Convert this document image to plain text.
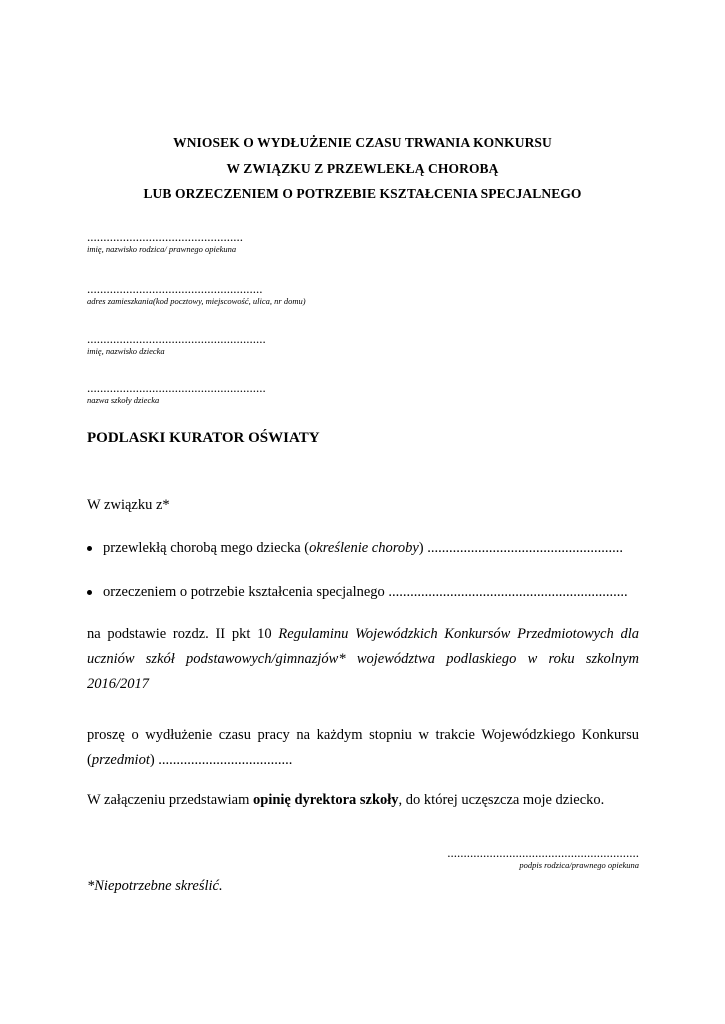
WNIOSEK O WYDŁUŻENIE CZASU TRWANIA KONKURSU
W ZWIĄZKU Z PRZEWLEKŁĄ CHOROBĄ
LUB ORZECZENIEM O POTRZEBIE KSZTAŁCENIA SPECJALNEGO
................................................
imię, nazwisko rodzica/ prawnego opiekuna
......................................................
adres zamieszkania(kod pocztowy, miejscowość, ulica, nr domu)
.......................................................
imię, nazwisko dziecka
.......................................................
nazwa szkoły dziecka
PODLASKI KURATOR OŚWIATY
W związku z*
przewlekłą chorobą mego dziecka ( określenie choroby ) ......................................................
orzeczeniem o potrzebie kształcenia specjalnego ..................................................................
na podstawie rozdz. II pkt 10 Regulaminu Wojewódzkich Konkursów Przedmiotowych dla uczniów szkół podstawowych/gimnazjów* województwa podlaskiego w roku szkolnym 2016/2017
proszę o wydłużenie czasu pracy na każdym stopniu w trakcie Wojewódzkiego Konkursu (przedmiot) .....................................
W załączeniu przedstawiam opinię dyrektora szkoły, do której uczęszcza moje dziecko.
...........................................................
podpis rodzica/prawnego opiekuna
*Niepotrzebne skreślić.
